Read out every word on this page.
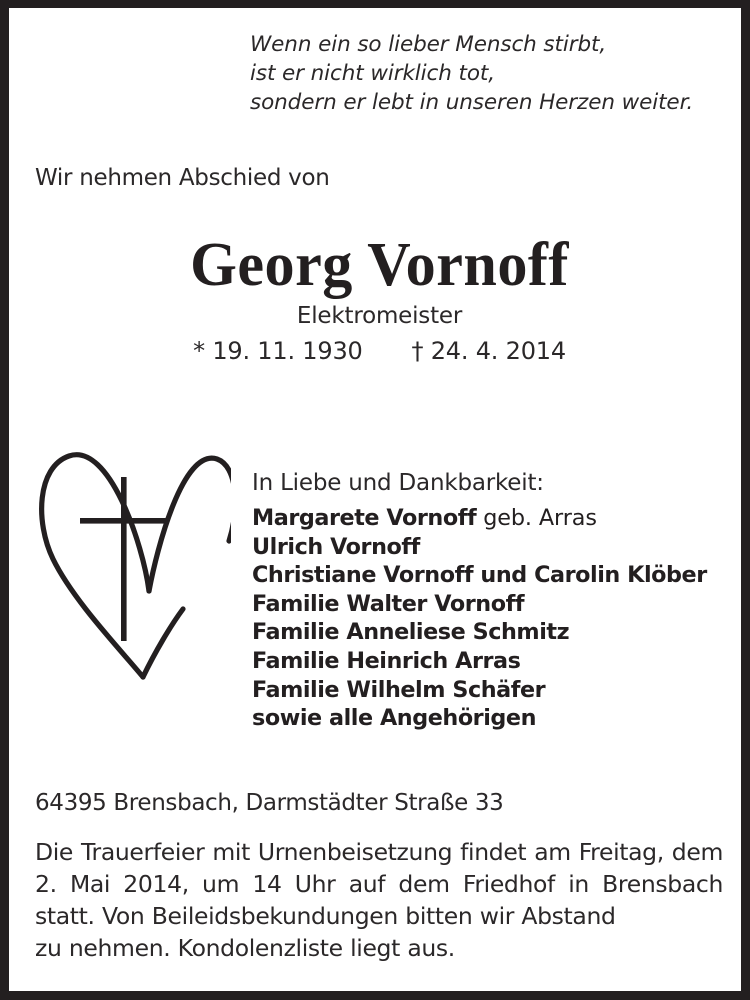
Wenn ein so lieber Mensch stirbt,
ist er nicht wirklich tot,
sondern er lebt in unseren Herzen weiter.
Wir nehmen Abschied von
Georg Vornoff
Elektromeister
* 19. 11. 1930 † 24. 4. 2014
In Liebe und Dankbarkeit:
Margarete Vornoff geb. Arras
Ulrich Vornoff
Christiane Vornoff und Carolin Klöber
Familie Walter Vornoff
Familie Anneliese Schmitz
Familie Heinrich Arras
Familie Wilhelm Schäfer
sowie alle Angehörigen
64395 Brensbach, Darmstädter Straße 33
Die Trauerfeier mit Urnenbeisetzung findet am Freitag, dem 2. Mai 2014, um 14 Uhr auf dem Friedhof in Brensbach statt. Von Beileidsbekundungen bitten wir Abstand
zu nehmen. Kondolenzliste liegt aus.
